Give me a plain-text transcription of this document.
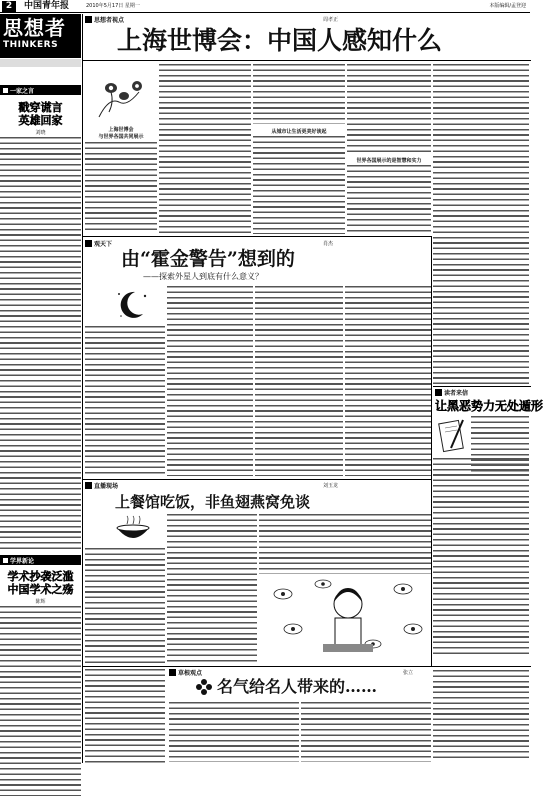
2	中国青年报	2010年5月17日 星期一	本版编辑/孟登迎
思想者
THINKERS
一家之言
戳穿谎言
英雄回家
刘晓
学界新论
学术抄袭泛滥
中国学术之殇
陈辉
思想者视点	周孝正
上海世博会：中国人感知什么
上海世博会
与世界各国共同展示
从城市让生活更美好谈起
世界各国展示的是智慧和实力
观天下	肖杰
由“霍金警告”想到的
——探索外星人到底有什么意义？
读者来信
让黑恶势力无处遁形
直播现场	刘玉龙
上餐馆吃饭，非鱼翅燕窝免谈
草根观点	张立
名气给名人带来的……
